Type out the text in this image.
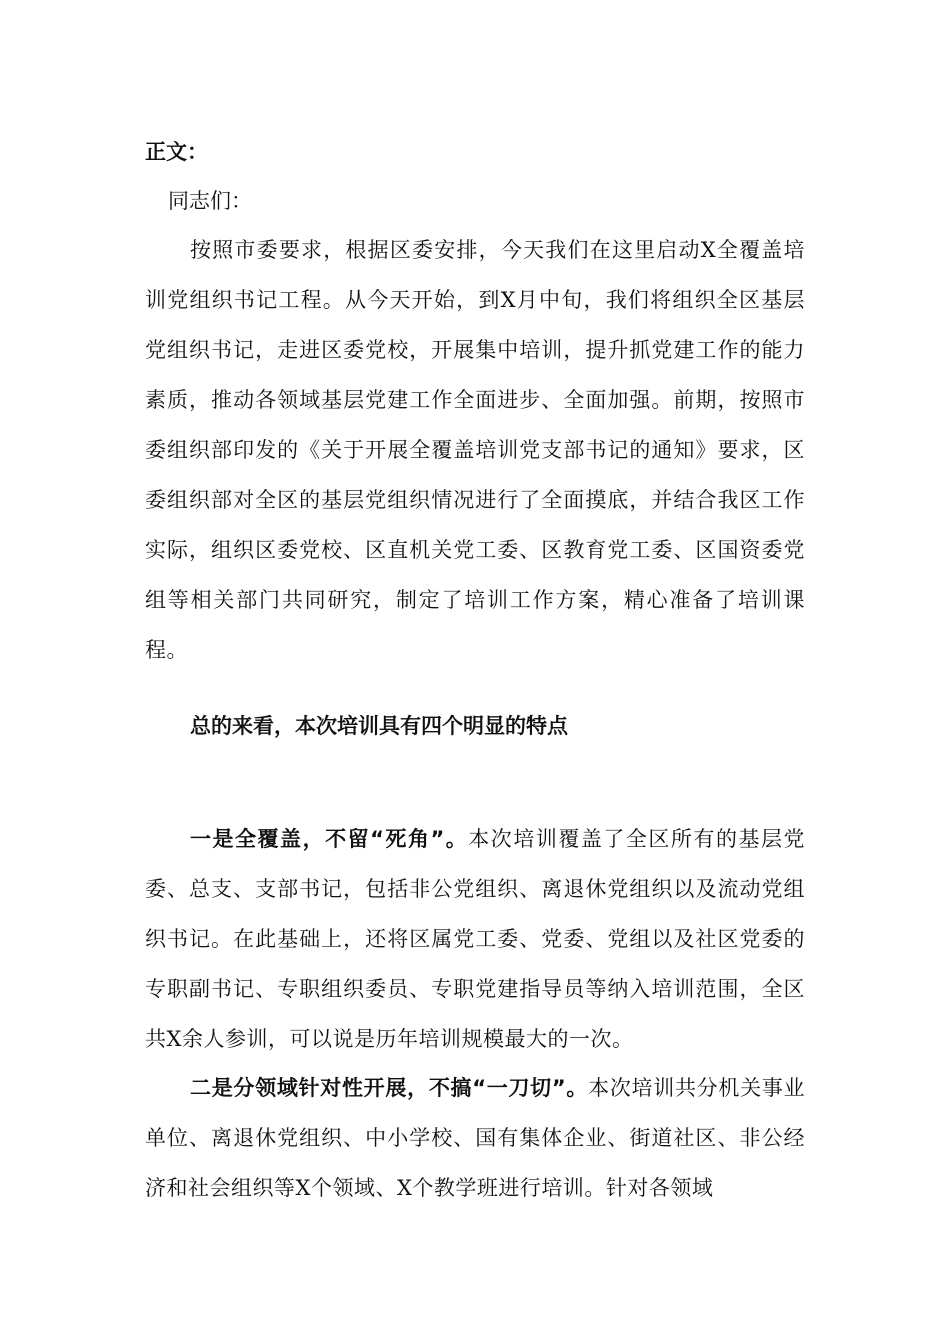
正文：
同志们：
按照市委要求，根据区委安排，今天我们在这里启动X全覆盖培训党组织书记工程。从今天开始，到X月中旬，我们将组织全区基层党组织书记，走进区委党校，开展集中培训，提升抓党建工作的能力素质，推动各领域基层党建工作全面进步、全面加强。前期，按照市委组织部印发的《关于开展全覆盖培训党支部书记的通知》要求，区委组织部对全区的基层党组织情况进行了全面摸底，并结合我区工作实际，组织区委党校、区直机关党工委、区教育党工委、区国资委党组等相关部门共同研究，制定了培训工作方案，精心准备了培训课程。
总的来看，本次培训具有四个明显的特点
一是全覆盖，不留“死角”。本次培训覆盖了全区所有的基层党委、总支、支部书记，包括非公党组织、离退休党组织以及流动党组织书记。在此基础上，还将区属党工委、党委、党组以及社区党委的专职副书记、专职组织委员、专职党建指导员等纳入培训范围，全区共X余人参训，可以说是历年培训规模最大的一次。
二是分领域针对性开展，不搞“一刀切”。本次培训共分机关事业单位、离退休党组织、中小学校、国有集体企业、街道社区、非公经济和社会组织等X个领域、X个教学班进行培训。针对各领域
